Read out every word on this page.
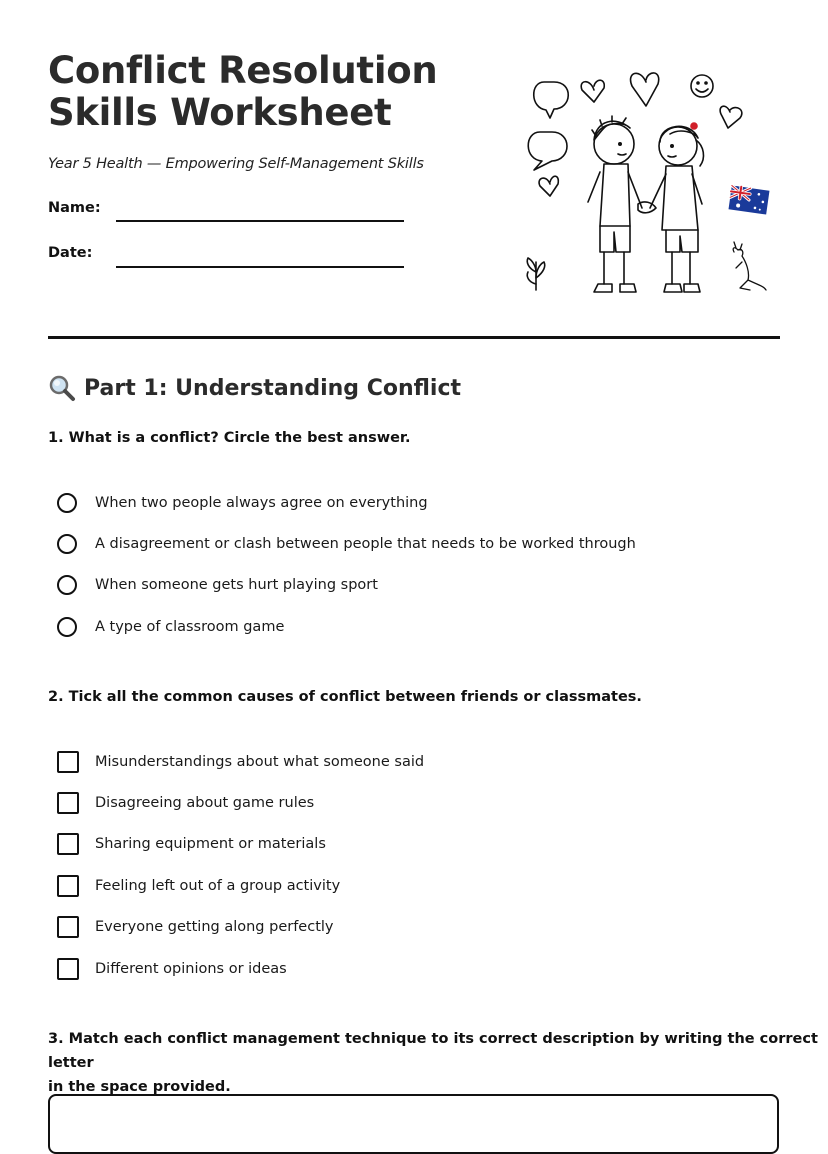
Conflict Resolution
Skills Worksheet
Year 5 Health — Empowering Self-Management Skills
Name:
Date:
Part 1: Understanding Conflict
1. What is a conflict? Circle the best answer.
When two people always agree on everything
A disagreement or clash between people that needs to be worked through
When someone gets hurt playing sport
A type of classroom game
2. Tick all the common causes of conflict between friends or classmates.
Misunderstandings about what someone said
Disagreeing about game rules
Sharing equipment or materials
Feeling left out of a group activity
Everyone getting along perfectly
Different opinions or ideas
3. Match each conflict management technique to its correct description by writing the correct letter
in the space provided.
